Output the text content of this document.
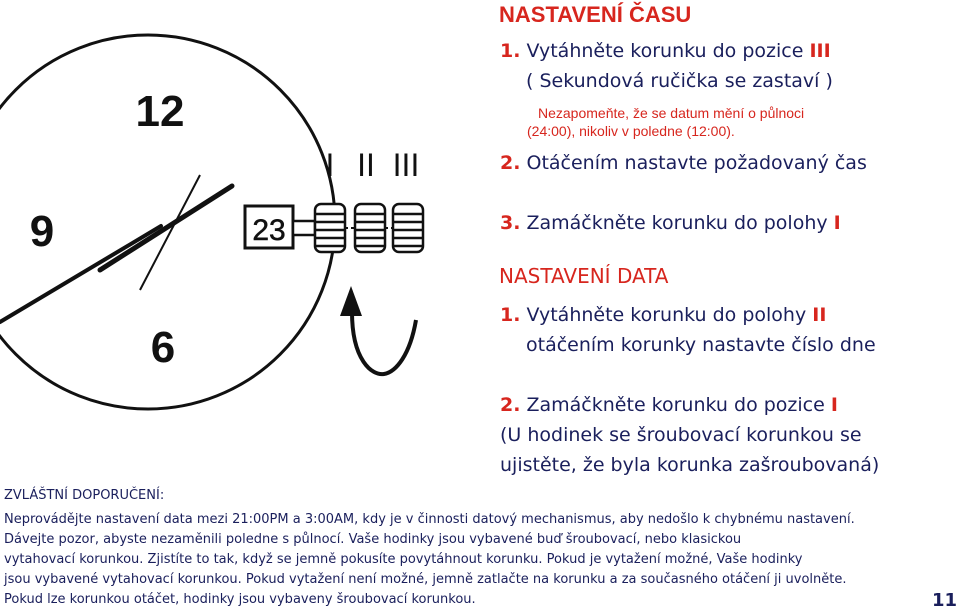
12
9
6
23
I II III
NASTAVENÍ ČASU
1. Vytáhněte korunku do pozice III
( Sekundová ručička se zastaví )
Nezapomeňte, že se datum mění o půlnoci
(24:00), nikoliv v poledne (12:00).
2. Otáčením nastavte požadovaný čas
3. Zamáčkněte korunku do polohy I
NASTAVENÍ DATA
1. Vytáhněte korunku do polohy II
otáčením korunky nastavte číslo dne
2. Zamáčkněte korunku do pozice I
(U hodinek se šroubovací korunkou se
ujistěte, že byla korunka zašroubovaná)
ZVLÁŠTNÍ DOPORUČENÍ:
Neprovádějte nastavení data mezi 21:00PM a 3:00AM, kdy je v činnosti datový mechanismus, aby nedošlo k chybnému nastavení.
Dávejte pozor, abyste nezaměnili poledne s půlnocí. Vaše hodinky jsou vybavené buď šroubovací, nebo klasickou
vytahovací korunkou. Zjistíte to tak, když se jemně pokusíte povytáhnout korunku. Pokud je vytažení možné, Vaše hodinky
jsou vybavené vytahovací korunkou. Pokud vytažení není možné, jemně zatlačte na korunku a za současného otáčení ji uvolněte.
Pokud lze korunkou otáčet, hodinky jsou vybaveny šroubovací korunkou.	11
